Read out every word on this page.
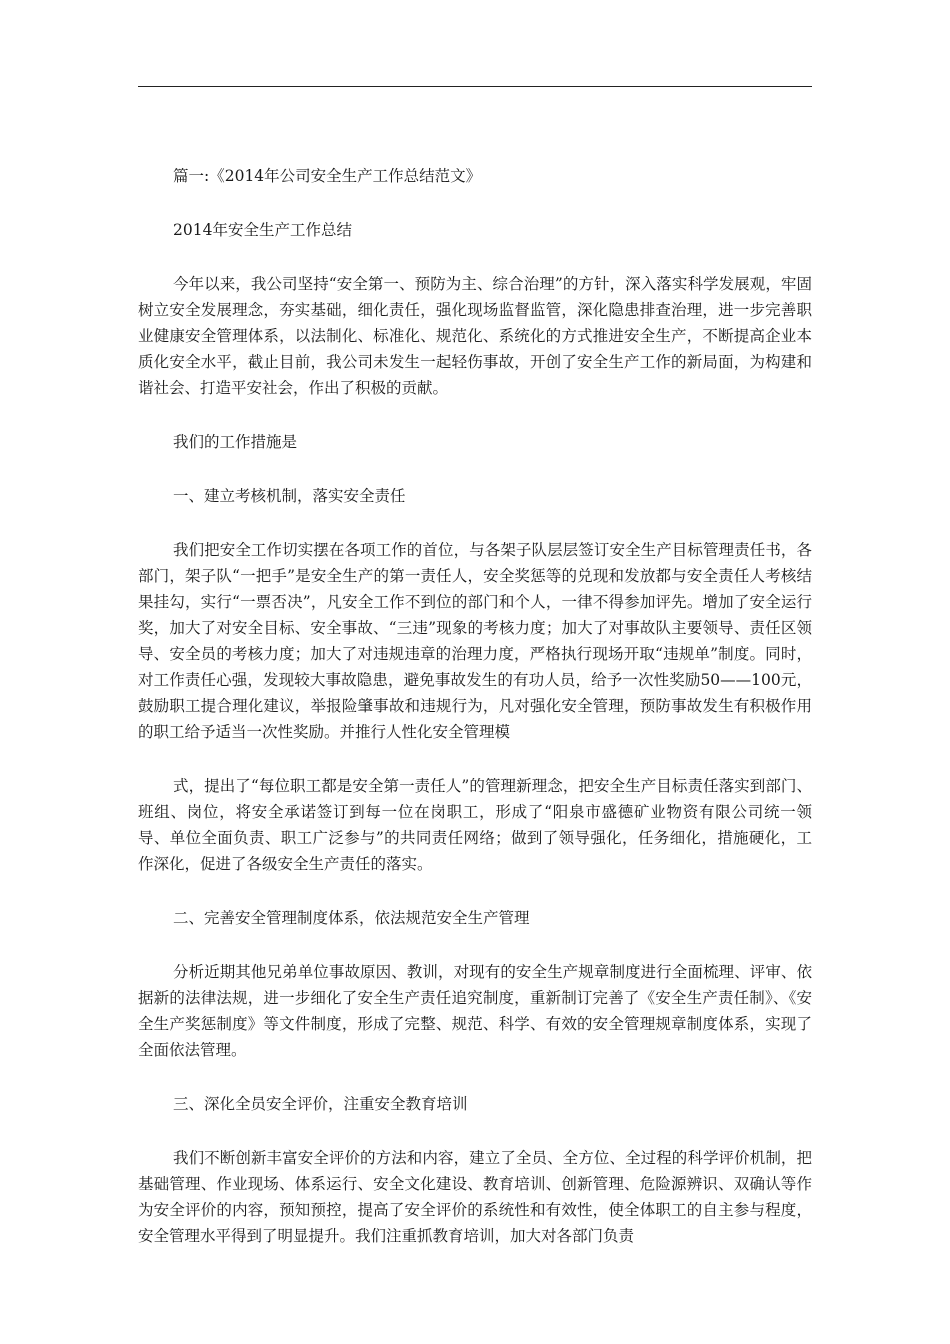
篇一:《2014年公司安全生产工作总结范文》

2014年安全生产工作总结

今年以来，我公司坚持“安全第一、预防为主、综合治理”的方针，深入落实科学发展观，牢固树立安全发展理念，夯实基础，细化责任，强化现场监督监管，深化隐患排查治理，进一步完善职业健康安全管理体系，以法制化、标准化、规范化、系统化的方式推进安全生产，不断提高企业本质化安全水平，截止目前，我公司未发生一起轻伤事故，开创了安全生产工作的新局面，为构建和谐社会、打造平安社会，作出了积极的贡献。

我们的工作措施是

一、建立考核机制，落实安全责任

我们把安全工作切实摆在各项工作的首位，与各架子队层层签订安全生产目标管理责任书，各部门，架子队“一把手”是安全生产的第一责任人，安全奖惩等的兑现和发放都与安全责任人考核结果挂勾，实行“一票否决”，凡安全工作不到位的部门和个人，一律不得参加评先。增加了安全运行奖，加大了对安全目标、安全事故、“三违”现象的考核力度；加大了对事故队主要领导、责任区领导、安全员的考核力度；加大了对违规违章的治理力度，严格执行现场开取“违规单”制度。同时，对工作责任心强，发现较大事故隐患，避免事故发生的有功人员，给予一次性奖励50——100元，鼓励职工提合理化建议，举报险肇事故和违规行为，凡对强化安全管理，预防事故发生有积极作用的职工给予适当一次性奖励。并推行人性化安全管理模

式，提出了“每位职工都是安全第一责任人”的管理新理念，把安全生产目标责任落实到部门、班组、岗位，将安全承诺签订到每一位在岗职工，形成了“阳泉市盛德矿业物资有限公司统一领导、单位全面负责、职工广泛参与”的共同责任网络；做到了领导强化，任务细化，措施硬化，工作深化，促进了各级安全生产责任的落实。

二、完善安全管理制度体系，依法规范安全生产管理

分析近期其他兄弟单位事故原因、教训，对现有的安全生产规章制度进行全面梳理、评审、依据新的法律法规，进一步细化了安全生产责任追究制度，重新制订完善了《安全生产责任制》、《安全生产奖惩制度》等文件制度，形成了完整、规范、科学、有效的安全管理规章制度体系，实现了全面依法管理。

三、深化全员安全评价，注重安全教育培训

我们不断创新丰富安全评价的方法和内容，建立了全员、全方位、全过程的科学评价机制，把基础管理、作业现场、体系运行、安全文化建设、教育培训、创新管理、危险源辨识、双确认等作为安全评价的内容，预知预控，提高了安全评价的系统性和有效性，使全体职工的自主参与程度，安全管理水平得到了明显提升。我们注重抓教育培训，加大对各部门负责
